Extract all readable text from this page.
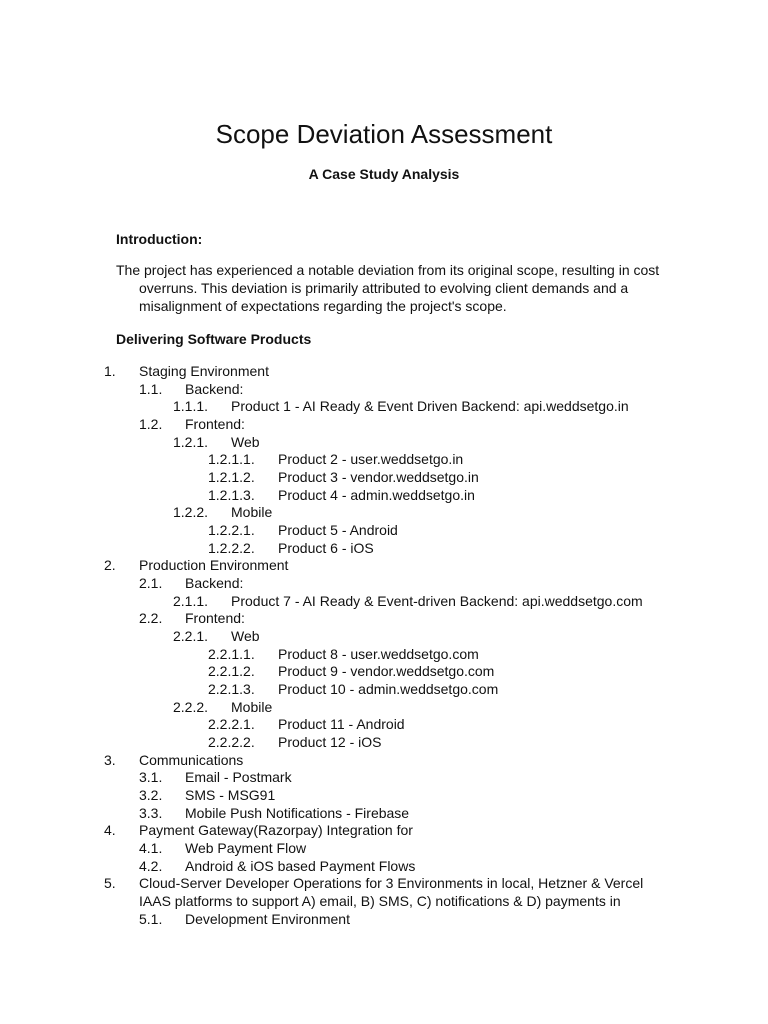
Scope Deviation Assessment
A Case Study Analysis
Introduction:

The project has experienced a notable deviation from its original scope, resulting in cost overruns. This deviation is primarily attributed to evolving client demands and a misalignment of expectations regarding the project's scope.

Delivering Software Products
1. Staging Environment
1.1. Backend:
1.1.1. Product 1 - AI Ready & Event Driven Backend: api.weddsetgo.in
1.2. Frontend:
1.2.1. Web
1.2.1.1. Product 2 - user.weddsetgo.in
1.2.1.2. Product 3 - vendor.weddsetgo.in
1.2.1.3. Product 4 - admin.weddsetgo.in
1.2.2. Mobile
1.2.2.1. Product 5 - Android
1.2.2.2. Product 6 - iOS
2. Production Environment
2.1. Backend:
2.1.1. Product 7 - AI Ready & Event-driven Backend: api.weddsetgo.com
2.2. Frontend:
2.2.1. Web
2.2.1.1. Product 8 - user.weddsetgo.com
2.2.1.2. Product 9 - vendor.weddsetgo.com
2.2.1.3. Product 10 - admin.weddsetgo.com
2.2.2. Mobile
2.2.2.1. Product 11 - Android
2.2.2.2. Product 12 - iOS
3. Communications
3.1. Email - Postmark
3.2. SMS - MSG91
3.3. Mobile Push Notifications - Firebase
4. Payment Gateway(Razorpay) Integration for
4.1. Web Payment Flow
4.2. Android & iOS based Payment Flows
5. Cloud-Server Developer Operations for 3 Environments in local, Hetzner & Vercel IAAS platforms to support A) email, B) SMS, C) notifications & D) payments in
5.1. Development Environment
